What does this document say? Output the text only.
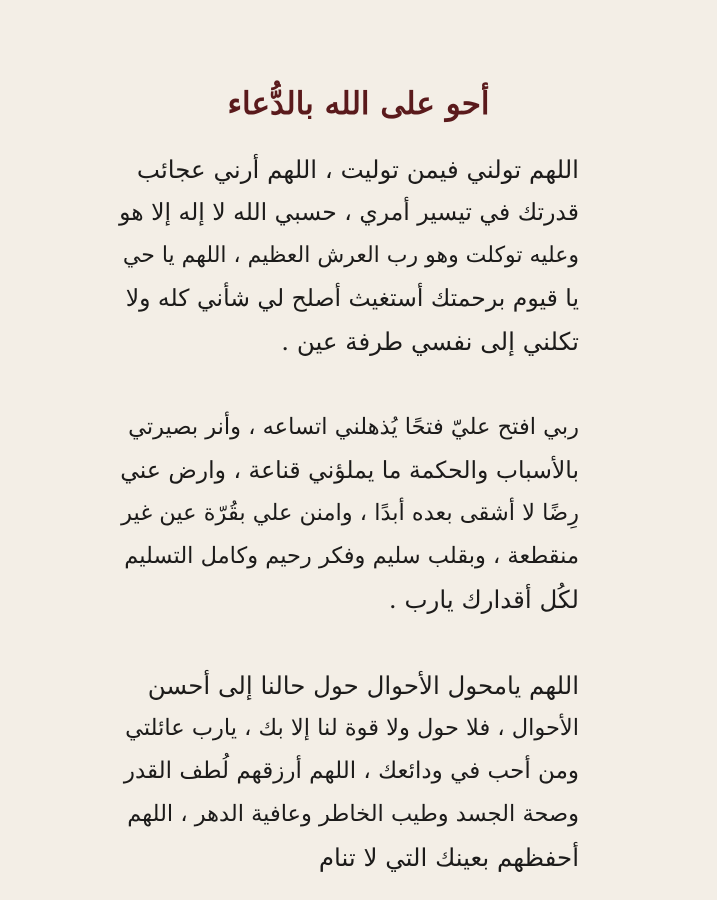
أ‌حو على الله بالدُّعاء
اللهم تولني فيمن توليت ، اللهم أرني عجائب
قدرتك في تيسير أمري ، حسبي الله لا إله إلا هو
وعليه توكلت وهو رب العرش العظيم ، اللهم يا حي
يا قيوم برحمتك أستغيث أصلح لي شأني كله ولا
تكلني إلى نفسي طرفة عين .
ربي افتح عليّ فتحًا يُذهلني اتساعه ، وأنر بصيرتي
بالأسباب والحكمة ما يملؤني قناعة ، وارض عني
رِضًا لا أشقى بعده أبدًا ، وامنن علي بقُرّة عين غير
منقطعة ، وبقلب سليم وفكر رحيم وكامل التسليم
لكُل أقدارك يارب .
اللهم يامحول الأحوال حول حالنا إلى أحسن
الأحوال ، فلا حول ولا قوة لنا إلا بك ، يارب عائلتي
ومن أحب في ودائعك ، اللهم أرزقهم لُطف القدر
وصحة الجسد وطيب الخاطر وعافية الدهر ، اللهم
أحفظهم بعينك التي لا تنام
